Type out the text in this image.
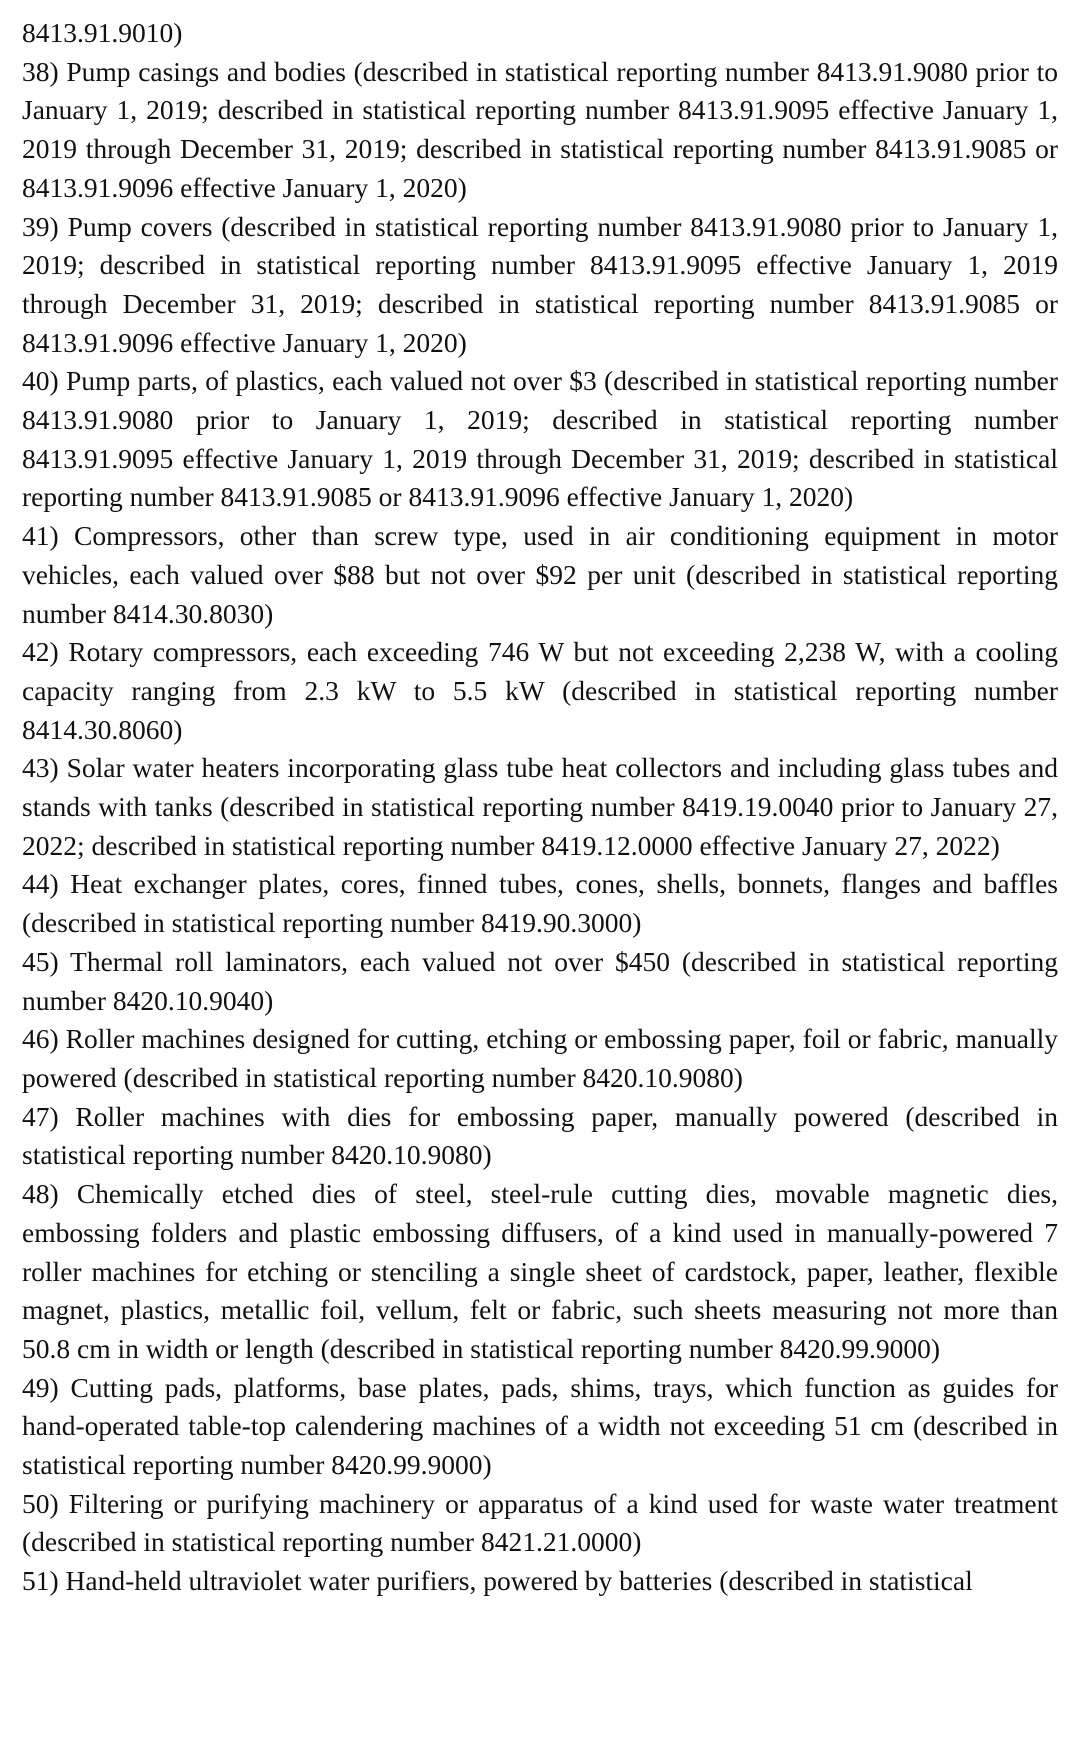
8413.91.9010)

38) Pump casings and bodies (described in statistical reporting number 8413.91.9080 prior to January 1, 2019; described in statistical reporting number 8413.91.9095 effective January 1, 2019 through December 31, 2019; described in statistical reporting number 8413.91.9085 or 8413.91.9096 effective January 1, 2020)

39) Pump covers (described in statistical reporting number 8413.91.9080 prior to January 1, 2019; described in statistical reporting number 8413.91.9095 effective January 1, 2019 through December 31, 2019; described in statistical reporting number 8413.91.9085 or 8413.91.9096 effective January 1, 2020)

40) Pump parts, of plastics, each valued not over $3 (described in statistical reporting number 8413.91.9080 prior to January 1, 2019; described in statistical reporting number 8413.91.9095 effective January 1, 2019 through December 31, 2019; described in statistical reporting number 8413.91.9085 or 8413.91.9096 effective January 1, 2020)

41) Compressors, other than screw type, used in air conditioning equipment in motor vehicles, each valued over $88 but not over $92 per unit (described in statistical reporting number 8414.30.8030)

42) Rotary compressors, each exceeding 746 W but not exceeding 2,238 W, with a cooling capacity ranging from 2.3 kW to 5.5 kW (described in statistical reporting number 8414.30.8060)

43) Solar water heaters incorporating glass tube heat collectors and including glass tubes and stands with tanks (described in statistical reporting number 8419.19.0040 prior to January 27, 2022; described in statistical reporting number 8419.12.0000 effective January 27, 2022)

44) Heat exchanger plates, cores, finned tubes, cones, shells, bonnets, flanges and baffles (described in statistical reporting number 8419.90.3000)

45) Thermal roll laminators, each valued not over $450 (described in statistical reporting number 8420.10.9040)

46) Roller machines designed for cutting, etching or embossing paper, foil or fabric, manually powered (described in statistical reporting number 8420.10.9080)

47) Roller machines with dies for embossing paper, manually powered (described in statistical reporting number 8420.10.9080)

48) Chemically etched dies of steel, steel-rule cutting dies, movable magnetic dies, embossing folders and plastic embossing diffusers, of a kind used in manually-powered 7 roller machines for etching or stenciling a single sheet of cardstock, paper, leather, flexible magnet, plastics, metallic foil, vellum, felt or fabric, such sheets measuring not more than 50.8 cm in width or length (described in statistical reporting number 8420.99.9000)

49) Cutting pads, platforms, base plates, pads, shims, trays, which function as guides for hand-operated table-top calendering machines of a width not exceeding 51 cm (described in statistical reporting number 8420.99.9000)

50) Filtering or purifying machinery or apparatus of a kind used for waste water treatment (described in statistical reporting number 8421.21.0000)

51) Hand-held ultraviolet water purifiers, powered by batteries (described in statistical
